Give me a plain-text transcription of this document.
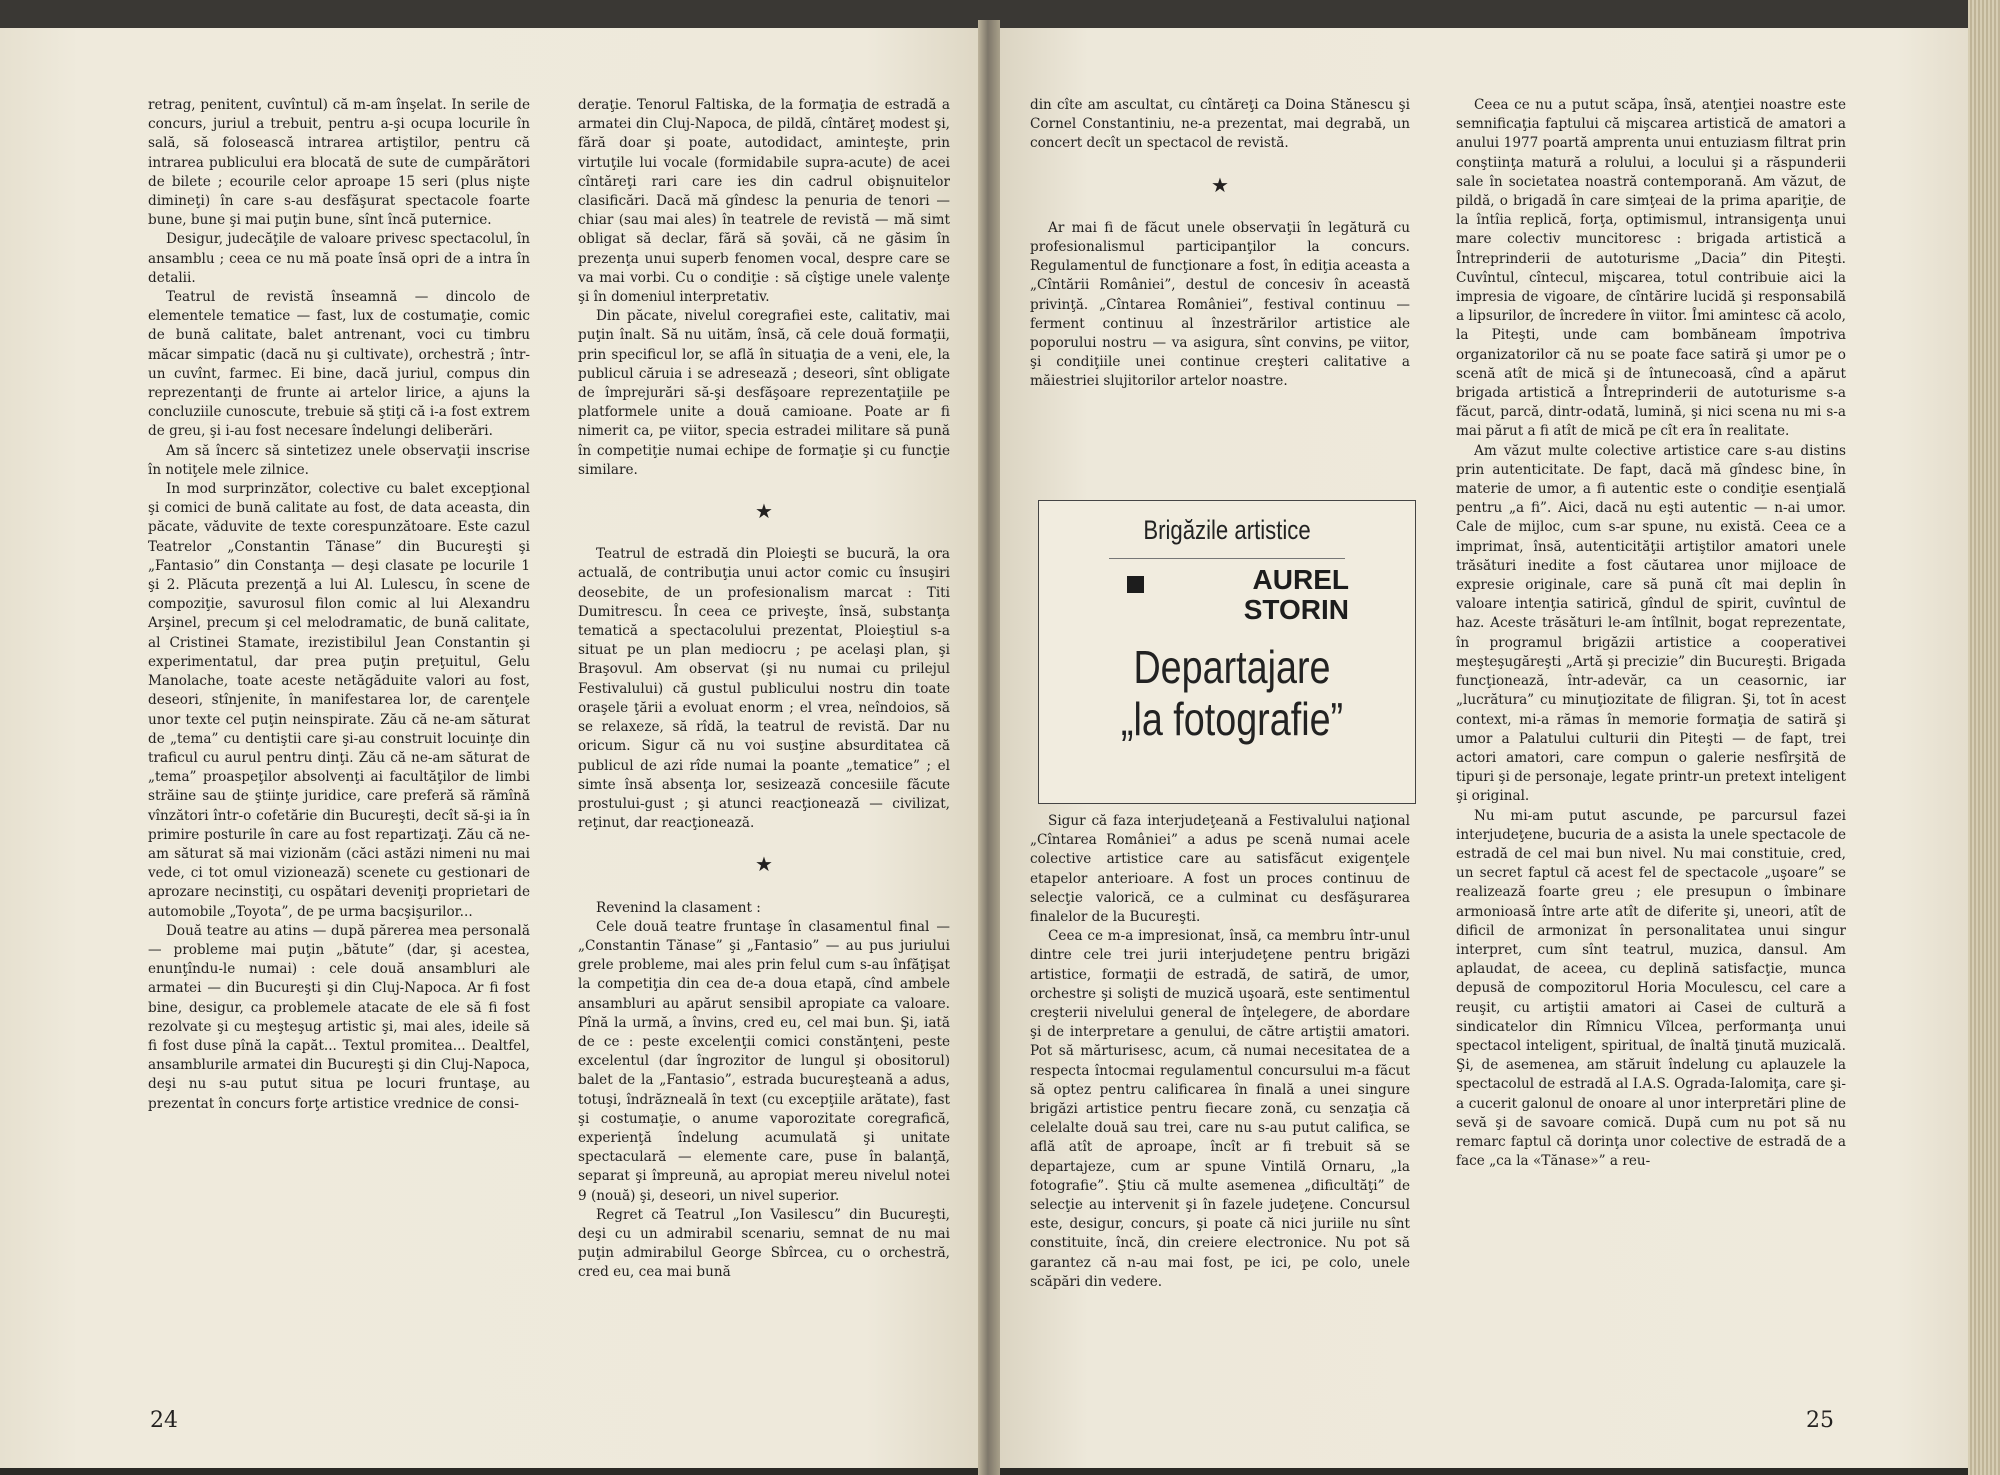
retrag, penitent, cuvîntul) că m-am înşelat. In serile de concurs, juriul a trebuit, pentru a-şi ocupa locurile în sală, să folosească intrarea artiştilor, pentru că intrarea publicului era blocată de sute de cumpărători de bilete ; ecourile celor aproape 15 seri (plus nişte dimineţi) în care s-au desfăşurat spectacole foarte bune, bune şi mai puţin bune, sînt încă puternice.

Desigur, judecăţile de valoare privesc spectacolul, în ansamblu ; ceea ce nu mă poate însă opri de a intra în detalii.

Teatrul de revistă înseamnă — dincolo de elementele tematice — fast, lux de costumaţie, comic de bună calitate, balet antrenant, voci cu timbru măcar simpatic (dacă nu şi cultivate), orchestră ; într-un cuvînt, farmec. Ei bine, dacă juriul, compus din reprezentanţi de frunte ai artelor lirice, a ajuns la concluziile cunoscute, trebuie să ştiţi că i-a fost extrem de greu, şi i-au fost necesare îndelungi deliberări.

Am să încerc să sintetizez unele observaţii inscrise în notiţele mele zilnice.

In mod surprinzător, colective cu balet excepţional şi comici de bună calitate au fost, de data aceasta, din păcate, văduvite de texte corespunzătoare. Este cazul Teatrelor „Constantin Tănase” din Bucureşti şi „Fantasio” din Constanţa — deşi clasate pe locurile 1 şi 2. Plăcuta prezenţă a lui Al. Lulescu, în scene de compoziţie, savurosul filon comic al lui Alexandru Arşinel, precum şi cel melodramatic, de bună calitate, al Cristinei Stamate, irezistibilul Jean Constantin şi experimentatul, dar prea puţin preţuitul, Gelu Manolache, toate aceste netăgăduite valori au fost, deseori, stînjenite, în manifestarea lor, de carenţele unor texte cel puţin neinspirate. Zău că ne-am săturat de „tema” cu dentiştii care şi-au construit locuinţe din traficul cu aurul pentru dinţi. Zău că ne-am săturat de „tema” proaspeţilor absolvenţi ai facultăţilor de limbi străine sau de ştiinţe juridice, care preferă să rămînă vînzători într-o cofetărie din Bucureşti, decît să-şi ia în primire posturile în care au fost repartizaţi. Zău că ne-am săturat să mai vizionăm (căci astăzi nimeni nu mai vede, ci tot omul vizionează) scenete cu gestionari de aprozare necinstiţi, cu ospătari deveniţi proprietari de automobile „Toyota”, de pe urma bacşişurilor...

Două teatre au atins — după părerea mea personală — probleme mai puţin „bătute” (dar, şi acestea, enunţîndu-le numai) : cele două ansambluri ale armatei — din Bucureşti şi din Cluj-Napoca. Ar fi fost bine, desigur, ca problemele atacate de ele să fi fost rezolvate şi cu meşteşug artistic şi, mai ales, ideile să fi fost duse pînă la capăt... Textul promitea... Dealtfel, ansamblurile armatei din Bucureşti şi din Cluj-Napoca, deşi nu s-au putut situa pe locuri fruntaşe, au prezentat în concurs forţe artistice vrednice de consi-

deraţie. Tenorul Faltiska, de la formaţia de estradă a armatei din Cluj-Napoca, de pildă, cîntăreţ modest şi, fără doar şi poate, autodidact, aminteşte, prin virtuţile lui vocale (formidabile supra-acute) de acei cîntăreţi rari care ies din cadrul obişnuitelor clasificări. Dacă mă gîndesc la penuria de tenori — chiar (sau mai ales) în teatrele de revistă — mă simt obligat să declar, fără să şovăi, că ne găsim în prezenţa unui superb fenomen vocal, despre care se va mai vorbi. Cu o condiţie : să cîştige unele valenţe şi în domeniul interpretativ.

Din păcate, nivelul coregrafiei este, calitativ, mai puţin înalt. Să nu uităm, însă, că cele două formaţii, prin specificul lor, se află în situaţia de a veni, ele, la publicul căruia i se adresează ; deseori, sînt obligate de împrejurări să-şi desfăşoare reprezentaţiile pe platformele unite a două camioane. Poate ar fi nimerit ca, pe viitor, specia estradei militare să pună în competiţie numai echipe de formaţie şi cu funcţie similare.

★

Teatrul de estradă din Ploieşti se bucură, la ora actuală, de contribuţia unui actor comic cu însuşiri deosebite, de un profesionalism marcat : Titi Dumitrescu. În ceea ce priveşte, însă, substanţa tematică a spectacolului prezentat, Ploieştiul s-a situat pe un plan mediocru ; pe acelaşi plan, şi Braşovul. Am observat (şi nu numai cu prilejul Festivalului) că gustul publicului nostru din toate oraşele ţării a evoluat enorm ; el vrea, neîndoios, să se relaxeze, să rîdă, la teatrul de revistă. Dar nu oricum. Sigur că nu voi susţine absurditatea că publicul de azi rîde numai la poante „tematice” ; el simte însă absenţa lor, sesizează concesiile făcute prostului-gust ; şi atunci reacţionează — civilizat, reţinut, dar reacţionează.

★

Revenind la clasament :

Cele două teatre fruntaşe în clasamentul final — „Constantin Tănase” şi „Fantasio” — au pus juriului grele probleme, mai ales prin felul cum s-au înfăţişat la competiţia din cea de-a doua etapă, cînd ambele ansambluri au apărut sensibil apropiate ca valoare. Pînă la urmă, a învins, cred eu, cel mai bun. Şi, iată de ce : peste excelenţii comici constănţeni, peste excelentul (dar îngrozitor de lungul şi obositorul) balet de la „Fantasio”, estrada bucureşteană a adus, totuşi, îndrăzneală în text (cu excepţiile arătate), fast şi costumaţie, o anume vaporozitate coregrafică, experienţă îndelung acumulată şi unitate spectaculară — elemente care, puse în balanţă, separat şi împreună, au apropiat mereu nivelul notei 9 (nouă) şi, deseori, un nivel superior.

Regret că Teatrul „Ion Vasilescu” din Bucureşti, deşi cu un admirabil scenariu, semnat de nu mai puţin admirabilul George Sbîrcea, cu o orchestră, cred eu, cea mai bună

din cîte am ascultat, cu cîntăreţi ca Doina Stănescu şi Cornel Constantiniu, ne-a prezentat, mai degrabă, un concert decît un spectacol de revistă.

★

Ar mai fi de făcut unele observaţii în legătură cu profesionalismul participanţilor la concurs. Regulamentul de funcţionare a fost, în ediţia aceasta a „Cîntării României”, destul de concesiv în această privinţă. „Cîntarea României”, festival continuu — ferment continuu al înzestrărilor artistice ale poporului nostru — va asigura, sînt convins, pe viitor, şi condiţiile unei continue creşteri calitative a măiestriei slujitorilor artelor noastre.

Brigăzile artistice
AUREL
STORIN
Departajare
„la fotografie”

Sigur că faza interjudeţeană a Festivalului naţional „Cîntarea României” a adus pe scenă numai acele colective artistice care au satisfăcut exigenţele etapelor anterioare. A fost un proces continuu de selecţie valorică, ce a culminat cu desfăşurarea finalelor de la Bucureşti.

Ceea ce m-a impresionat, însă, ca membru într-unul dintre cele trei jurii interjudeţene pentru brigăzi artistice, formaţii de estradă, de satiră, de umor, orchestre şi solişti de muzică uşoară, este sentimentul creşterii nivelului general de înţelegere, de abordare şi de interpretare a genului, de către artiştii amatori. Pot să mărturisesc, acum, că numai necesitatea de a respecta întocmai regulamentul concursului m-a făcut să optez pentru calificarea în finală a unei singure brigăzi artistice pentru fiecare zonă, cu senzaţia că celelalte două sau trei, care nu s-au putut califica, se află atît de aproape, încît ar fi trebuit să se departajeze, cum ar spune Vintilă Ornaru, „la fotografie”. Ştiu că multe asemenea „dificultăţi” de selecţie au intervenit şi în fazele judeţene. Concursul este, desigur, concurs, şi poate că nici juriile nu sînt constituite, încă, din creiere electronice. Nu pot să garantez că n-au mai fost, pe ici, pe colo, unele scăpări din vedere.

Ceea ce nu a putut scăpa, însă, atenţiei noastre este semnificaţia faptului că mişcarea artistică de amatori a anului 1977 poartă amprenta unui entuziasm filtrat prin conştiinţa matură a rolului, a locului şi a răspunderii sale în societatea noastră contemporană. Am văzut, de pildă, o brigadă în care simţeai de la prima apariţie, de la întîia replică, forţa, optimismul, intransigenţa unui mare colectiv muncitoresc : brigada artistică a Întreprinderii de autoturisme „Dacia” din Piteşti. Cuvîntul, cîntecul, mişcarea, totul contribuie aici la impresia de vigoare, de cîntărire lucidă şi responsabilă a lipsurilor, de încredere în viitor. Îmi amintesc că acolo, la Piteşti, unde cam bombăneam împotriva organizatorilor că nu se poate face satiră şi umor pe o scenă atît de mică şi de întunecoasă, cînd a apărut brigada artistică a Întreprinderii de autoturisme s-a făcut, parcă, dintr-odată, lumină, şi nici scena nu mi s-a mai părut a fi atît de mică pe cît era în realitate.

Am văzut multe colective artistice care s-au distins prin autenticitate. De fapt, dacă mă gîndesc bine, în materie de umor, a fi autentic este o condiţie esenţială pentru „a fi”. Aici, dacă nu eşti autentic — n-ai umor. Cale de mijloc, cum s-ar spune, nu există. Ceea ce a imprimat, însă, autenticităţii artiştilor amatori unele trăsături inedite a fost căutarea unor mijloace de expresie originale, care să pună cît mai deplin în valoare intenţia satirică, gîndul de spirit, cuvîntul de haz. Aceste trăsături le-am întîlnit, bogat reprezentate, în programul brigăzii artistice a cooperativei meşteşugăreşti „Artă şi precizie” din Bucureşti. Brigada funcţionează, într-adevăr, ca un ceasornic, iar „lucrătura” cu minuţiozitate de filigran. Şi, tot în acest context, mi-a rămas în memorie formaţia de satiră şi umor a Palatului culturii din Piteşti — de fapt, trei actori amatori, care compun o galerie nesfîrşită de tipuri şi de personaje, legate printr-un pretext inteligent şi original.

Nu mi-am putut ascunde, pe parcursul fazei interjudeţene, bucuria de a asista la unele spectacole de estradă de cel mai bun nivel. Nu mai constituie, cred, un secret faptul că acest fel de spectacole „uşoare” se realizează foarte greu ; ele presupun o îmbinare armonioasă între arte atît de diferite şi, uneori, atît de dificil de armonizat în personalitatea unui singur interpret, cum sînt teatrul, muzica, dansul. Am aplaudat, de aceea, cu deplină satisfacţie, munca depusă de compozitorul Horia Moculescu, cel care a reuşit, cu artiştii amatori ai Casei de cultură a sindicatelor din Rîmnicu Vîlcea, performanţa unui spectacol inteligent, spiritual, de înaltă ţinută muzicală. Şi, de asemenea, am stăruit îndelung cu aplauzele la spectacolul de estradă al I.A.S. Ograda-Ialomiţa, care şi-a cucerit galonul de onoare al unor interpretări pline de sevă şi de savoare comică. După cum nu pot să nu remarc faptul că dorinţa unor colective de estradă de a face „ca la «Tănase»” a reu-

24	25
